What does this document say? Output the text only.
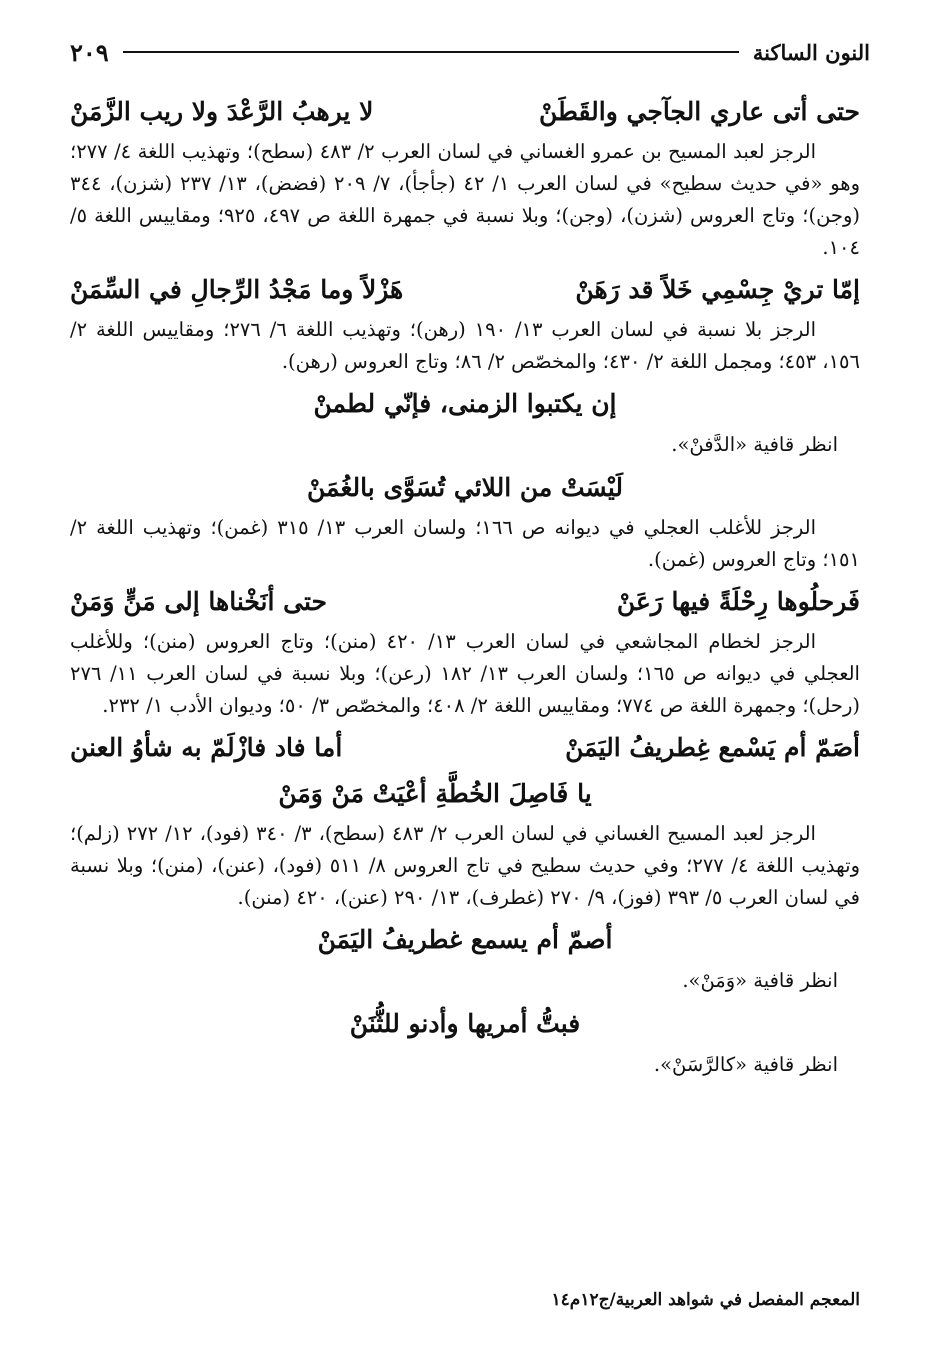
النون الساكنة
٢٠٩
حتى أتى عاري الجآجي والقَطَنْ
لا يرهبُ الرَّعْدَ ولا ريب الزَّمَنْ

الرجز لعبد المسيح بن عمرو الغساني في لسان العرب ٢/ ٤٨٣ (سطح)؛ وتهذيب اللغة ٤/ ٢٧٧؛ وهو «في حديث سطيح» في لسان العرب ١/ ٤٢ (جأجأ)، ٧/ ٢٠٩ (فضض)، ١٣/ ٢٣٧ (شزن)، ٣٤٤ (وجن)؛ وتاج العروس (شزن)، (وجن)؛ وبلا نسبة في جمهرة اللغة ص ٤٩٧، ٩٢٥؛ ومقاييس اللغة ٥/ ١٠٤.

إمّا تريْ جِسْمِي خَلاً قد رَهَنْ
هَزْلاً وما مَجْدُ الرِّجالِ في السِّمَنْ

الرجز بلا نسبة في لسان العرب ١٣/ ١٩٠ (رهن)؛ وتهذيب اللغة ٦/ ٢٧٦؛ ومقاييس اللغة ٢/ ١٥٦، ٤٥٣؛ ومجمل اللغة ٢/ ٤٣٠؛ والمخصّص ٢/ ٨٦؛ وتاج العروس (رهن).

إن يكتبوا الزمنى، فإنّي لطمنْ
انظر قافية «الدَّفنْ».
لَيْسَتْ من اللائي تُسَوَّى بالغُمَنْ

الرجز للأغلب العجلي في ديوانه ص ١٦٦؛ ولسان العرب ١٣/ ٣١٥ (غمن)؛ وتهذيب اللغة ٢/ ١٥١؛ وتاج العروس (غمن).

فَرحلُوها رِحْلَةً فيها رَعَنْ
حتى أنَخْناها إلى مَنٍّ وَمَنْ

الرجز لخطام المجاشعي في لسان العرب ١٣/ ٤٢٠ (منن)؛ وتاج العروس (منن)؛ وللأغلب العجلي في ديوانه ص ١٦٥؛ ولسان العرب ١٣/ ١٨٢ (رعن)؛ وبلا نسبة في لسان العرب ١١/ ٢٧٦ (رحل)؛ وجمهرة اللغة ص ٧٧٤؛ ومقاييس اللغة ٢/ ٤٠٨؛ والمخصّص ٣/ ٥٠؛ وديوان الأدب ١/ ٢٣٢.

أصَمّ أم يَسْمع غِطريفُ اليَمَنْ
أما فاد فازْلَمّ به شأوُ العنن
يا فَاصِلَ الخُطَّةِ أعْيَتْ مَنْ وَمَنْ

الرجز لعبد المسيح الغساني في لسان العرب ٢/ ٤٨٣ (سطح)، ٣/ ٣٤٠ (فود)، ١٢/ ٢٧٢ (زلم)؛ وتهذيب اللغة ٤/ ٢٧٧؛ وفي حديث سطيح في تاج العروس ٨/ ٥١١ (فود)، (عنن)، (منن)؛ وبلا نسبة في لسان العرب ٥/ ٣٩٣ (فوز)، ٩/ ٢٧٠ (غطرف)، ١٣/ ٢٩٠ (عنن)، ٤٢٠ (منن).

أصمّ أم يسمع غطريفُ اليَمَنْ
انظر قافية «وَمَنْ».
فبتُّ أمريها وأدنو للثُّنَنْ
انظر قافية «كالرَّسَنْ».
المعجم المفصل في شواهد العربية/ج١٢م١٤
